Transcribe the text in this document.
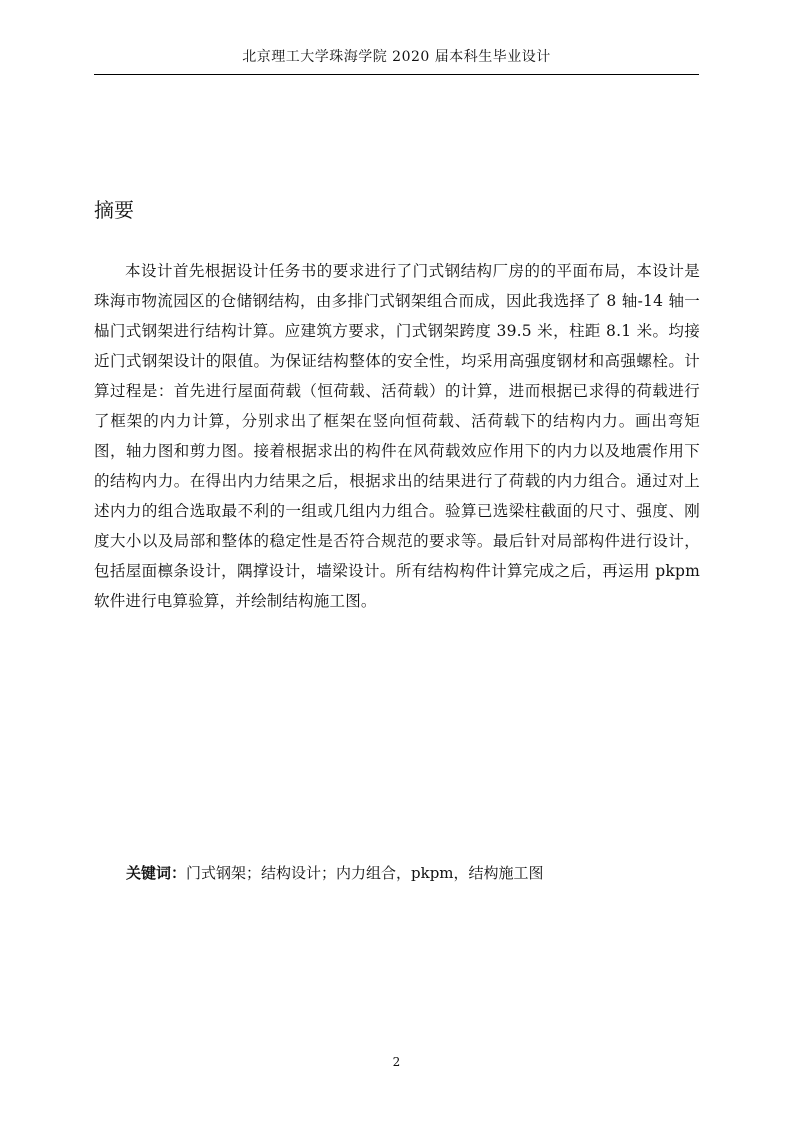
北京理工大学珠海学院 2020 届本科生毕业设计
摘要

本设计首先根据设计任务书的要求进行了门式钢结构厂房的的平面布局，本设计是珠海市物流园区的仓储钢结构，由多排门式钢架组合而成，因此我选择了 8 轴-14 轴一榀门式钢架进行结构计算。应建筑方要求，门式钢架跨度 39.5 米，柱距 8.1 米。均接近门式钢架设计的限值。为保证结构整体的安全性，均采用高强度钢材和高强螺栓。计算过程是：首先进行屋面荷载（恒荷载、活荷载）的计算，进而根据已求得的荷载进行了框架的内力计算，分别求出了框架在竖向恒荷载、活荷载下的结构内力。画出弯矩图，轴力图和剪力图。接着根据求出的构件在风荷载效应作用下的内力以及地震作用下的结构内力。在得出内力结果之后，根据求出的结果进行了荷载的内力组合。通过对上述内力的组合选取最不利的一组或几组内力组合。验算已选梁柱截面的尺寸、强度、刚度大小以及局部和整体的稳定性是否符合规范的要求等。最后针对局部构件进行设计，包括屋面檩条设计，隅撑设计，墙梁设计。所有结构构件计算完成之后，再运用 pkpm 软件进行电算验算，并绘制结构施工图。

关键词：门式钢架；结构设计；内力组合，pkpm，结构施工图
2
